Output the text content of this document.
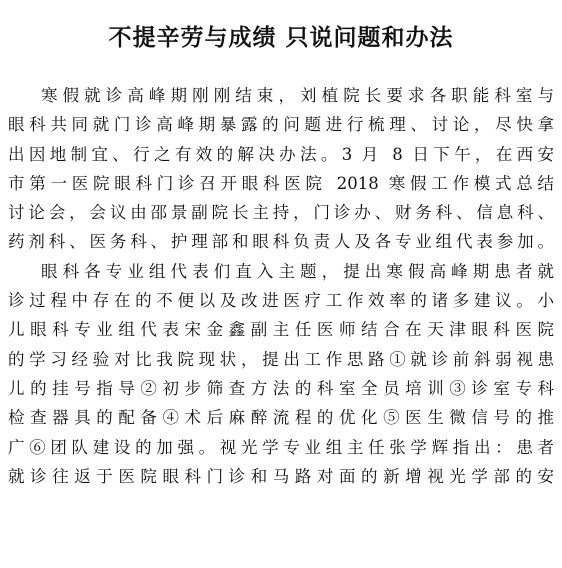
不提辛劳与成绩 只说问题和办法
寒假就诊高峰期刚刚结束，刘植院长要求各职能科室与
眼科共同就门诊高峰期暴露的问题进行梳理、讨论，尽快拿
出因地制宜、行之有效的解决办法。3 月 8 日下午，在西安
市第一医院眼科门诊召开眼科医院 2018 寒假工作模式总结
讨论会，会议由邵景副院长主持，门诊办、财务科、信息科、
药剂科、医务科、护理部和眼科负责人及各专业组代表参加。
眼科各专业组代表们直入主题，提出寒假高峰期患者就
诊过程中存在的不便以及改进医疗工作效率的诸多建议。小
儿眼科专业组代表宋金鑫副主任医师结合在天津眼科医院
的学习经验对比我院现状，提出工作思路①就诊前斜弱视患
儿的挂号指导②初步筛查方法的科室全员培训③诊室专科
检查器具的配备④术后麻醉流程的优化⑤医生微信号的推
广⑥团队建设的加强。视光学专业组主任张学辉指出：患者
就诊往返于医院眼科门诊和马路对面的新增视光学部的安
